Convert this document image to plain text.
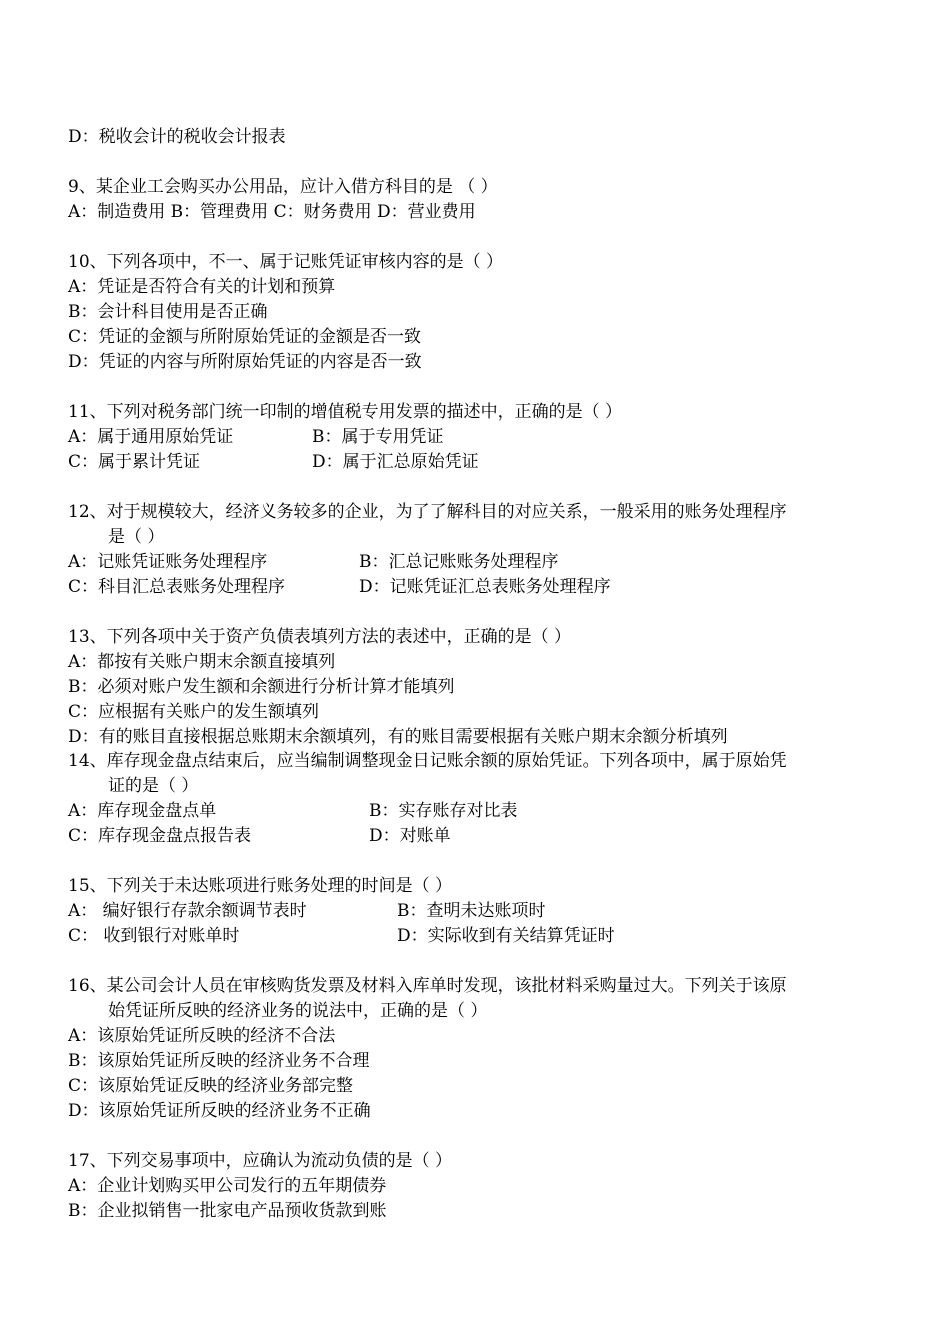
D：税收会计的税收会计报表
9、某企业工会购买办公用品，应计入借方科目的是 （ ）
A：制造费用 B：管理费用 C：财务费用 D：营业费用
10、下列各项中，不一、属于记账凭证审核内容的是（ ）
A：凭证是否符合有关的计划和预算
B：会计科目使用是否正确
C：凭证的金额与所附原始凭证的金额是否一致
D：凭证的内容与所附原始凭证的内容是否一致
11、下列对税务部门统一印制的增值税专用发票的描述中，正确的是（ ）
A：属于通用原始凭证	B：属于专用凭证
C：属于累计凭证	D：属于汇总原始凭证
12、对于规模较大，经济义务较多的企业，为了了解科目的对应关系，一般采用的账务处理程序
是（ ）
A：记账凭证账务处理程序	B：汇总记账账务处理程序
C：科目汇总表账务处理程序	D：记账凭证汇总表账务处理程序
13、下列各项中关于资产负债表填列方法的表述中，正确的是（ ）
A：都按有关账户期末余额直接填列
B：必须对账户发生额和余额进行分析计算才能填列
C：应根据有关账户的发生额填列
D：有的账目直接根据总账期末余额填列，有的账目需要根据有关账户期末余额分析填列
14、库存现金盘点结束后，应当编制调整现金日记账余额的原始凭证。下列各项中，属于原始凭
证的是（ ）
A：库存现金盘点单	B：实存账存对比表
C：库存现金盘点报告表	D：对账单
15、下列关于未达账项进行账务处理的时间是（ ）
A： 编好银行存款余额调节表时	B：查明未达账项时
C： 收到银行对账单时	D：实际收到有关结算凭证时
16、某公司会计人员在审核购货发票及材料入库单时发现，该批材料采购量过大。下列关于该原
始凭证所反映的经济业务的说法中，正确的是（ ）
A：该原始凭证所反映的经济不合法
B：该原始凭证所反映的经济业务不合理
C：该原始凭证反映的经济业务部完整
D：该原始凭证所反映的经济业务不正确
17、下列交易事项中，应确认为流动负债的是（ ）
A：企业计划购买甲公司发行的五年期债券
B：企业拟销售一批家电产品预收货款到账
